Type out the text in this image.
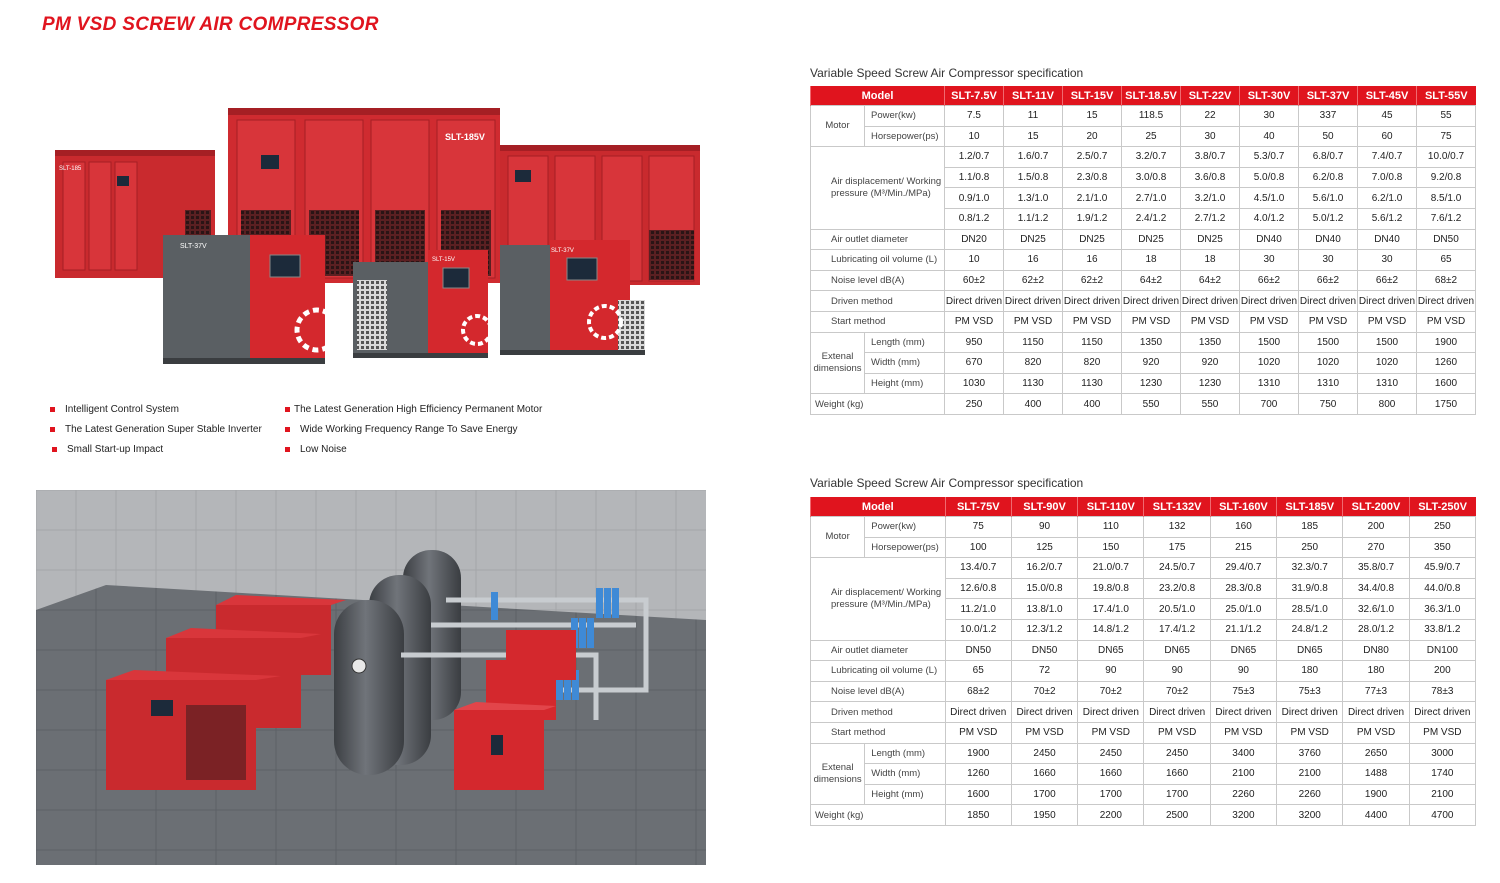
PM VSD SCREW AIR COMPRESSOR
SLT-185
SLT-185V
SLT-37V
SLT-15V
SLT-37V
Intelligent Control System
The Latest Generation Super Stable Inverter
Small Start-up Impact
The Latest Generation High Efficiency Permanent Motor
Wide Working Frequency Range To Save Energy
Low Noise
Variable Speed Screw Air Compressor specification
Model		SLT-7.5V	SLT-11V	SLT-15V	SLT-18.5V	SLT-22V	SLT-30V	SLT-37V	SLT-45V	SLT-55V
Motor	Power(kw)	7.5	11	15	118.5	22	30	337	45	55
	Horsepower(ps)	10	15	20	25	30	40	50	60	75
Air displacement/ Working pressure (M³/Min./MPa)		1.2/0.7	1.6/0.7	2.5/0.7	3.2/0.7	3.8/0.7	5.3/0.7	6.8/0.7	7.4/0.7	10.0/0.7
		1.1/0.8	1.5/0.8	2.3/0.8	3.0/0.8	3.6/0.8	5.0/0.8	6.2/0.8	7.0/0.8	9.2/0.8
		0.9/1.0	1.3/1.0	2.1/1.0	2.7/1.0	3.2/1.0	4.5/1.0	5.6/1.0	6.2/1.0	8.5/1.0
		0.8/1.2	1.1/1.2	1.9/1.2	2.4/1.2	2.7/1.2	4.0/1.2	5.0/1.2	5.6/1.2	7.6/1.2
Air outlet diameter		DN20	DN25	DN25	DN25	DN25	DN40	DN40	DN40	DN50
Lubricating oil volume (L)		10	16	16	18	18	30	30	30	65
Noise level dB(A)		60±2	62±2	62±2	64±2	64±2	66±2	66±2	66±2	68±2
Driven method		Direct driven	Direct driven	Direct driven	Direct driven	Direct driven	Direct driven	Direct driven	Direct driven	Direct driven
Start method		PM VSD	PM VSD	PM VSD	PM VSD	PM VSD	PM VSD	PM VSD	PM VSD	PM VSD
Extenal dimensions	Length (mm)	950	1150	1150	1350	1350	1500	1500	1500	1900
	Width (mm)	670	820	820	920	920	1020	1020	1020	1260
	Height (mm)	1030	1130	1130	1230	1230	1310	1310	1310	1600
Weight (kg)		250	400	400	550	550	700	750	800	1750
Variable Speed Screw Air Compressor specification
Model		SLT-75V	SLT-90V	SLT-110V	SLT-132V	SLT-160V	SLT-185V	SLT-200V	SLT-250V
Motor	Power(kw)	75	90	110	132	160	185	200	250
	Horsepower(ps)	100	125	150	175	215	250	270	350
Air displacement/ Working pressure (M³/Min./MPa)		13.4/0.7	16.2/0.7	21.0/0.7	24.5/0.7	29.4/0.7	32.3/0.7	35.8/0.7	45.9/0.7
		12.6/0.8	15.0/0.8	19.8/0.8	23.2/0.8	28.3/0.8	31.9/0.8	34.4/0.8	44.0/0.8
		11.2/1.0	13.8/1.0	17.4/1.0	20.5/1.0	25.0/1.0	28.5/1.0	32.6/1.0	36.3/1.0
		10.0/1.2	12.3/1.2	14.8/1.2	17.4/1.2	21.1/1.2	24.8/1.2	28.0/1.2	33.8/1.2
Air outlet diameter		DN50	DN50	DN65	DN65	DN65	DN65	DN80	DN100
Lubricating oil volume (L)		65	72	90	90	90	180	180	200
Noise level dB(A)		68±2	70±2	70±2	70±2	75±3	75±3	77±3	78±3
Driven method		Direct driven	Direct driven	Direct driven	Direct driven	Direct driven	Direct driven	Direct driven	Direct driven
Start method		PM VSD	PM VSD	PM VSD	PM VSD	PM VSD	PM VSD	PM VSD	PM VSD
Extenal dimensions	Length (mm)	1900	2450	2450	2450	3400	3760	2650	3000
	Width (mm)	1260	1660	1660	1660	2100	2100	1488	1740
	Height (mm)	1600	1700	1700	1700	2260	2260	1900	2100
Weight (kg)		1850	1950	2200	2500	3200	3200	4400	4700
